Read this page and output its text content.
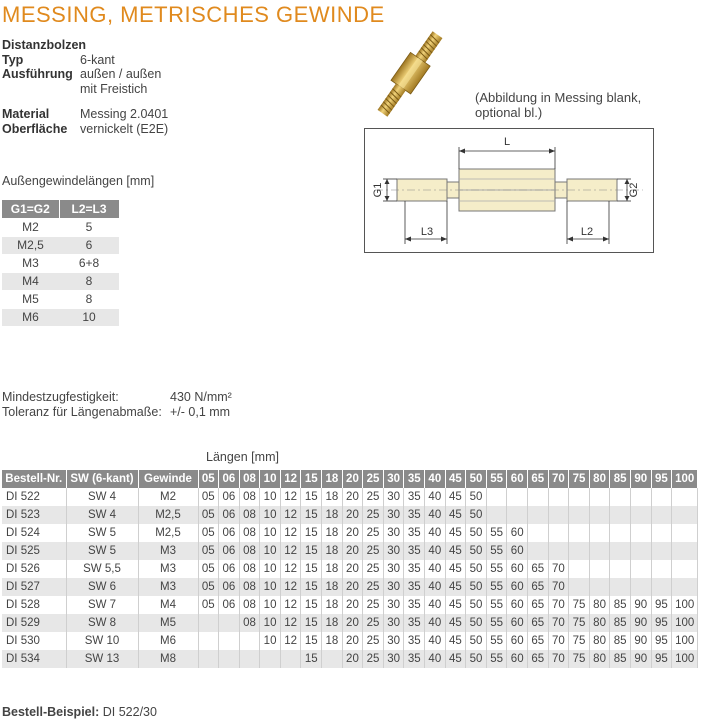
MESSING, METRISCHES GEWINDE
Distanzbolzen
Typ	6-kant
Ausführung außen / außen
mit Freistich
Material	Messing 2.0401
Oberfläche	vernickelt (E2E)
(Abbildung in Messing blank,
optional bl.)
L
L3	L2
G1	G2
Außengewindelängen [mm]
G1=G2	L2=L3
M2	5
M2,5	6
M3	6+8
M4	8
M5	8
M6	10
Mindestzugfestigkeit:	430 N/mm²
Toleranz für Längenabmaße: +/- 0,1 mm
Längen [mm]
Bestell-Nr.	SW (6-kant)	Gewinde	05	06	08	10	12	15	18	20	25	30	35	40	45	50	55	60	65	70	75	80	85	90	95	100
DI 522	SW 4	M2	05	06	08	10	12	15	18	20	25	30	35	40	45	50										
DI 523	SW 4	M2,5	05	06	08	10	12	15	18	20	25	30	35	40	45	50										
DI 524	SW 5	M2,5	05	06	08	10	12	15	18	20	25	30	35	40	45	50	55	60								
DI 525	SW 5	M3	05	06	08	10	12	15	18	20	25	30	35	40	45	50	55	60								
DI 526	SW 5,5	M3	05	06	08	10	12	15	18	20	25	30	35	40	45	50	55	60	65	70						
DI 527	SW 6	M3	05	06	08	10	12	15	18	20	25	30	35	40	45	50	55	60	65	70						
DI 528	SW 7	M4	05	06	08	10	12	15	18	20	25	30	35	40	45	50	55	60	65	70	75	80	85	90	95	100
DI 529	SW 8	M5			08	10	12	15	18	20	25	30	35	40	45	50	55	60	65	70	75	80	85	90	95	100
DI 530	SW 10	M6				10	12	15	18	20	25	30	35	40	45	50	55	60	65	70	75	80	85	90	95	100
DI 534	SW 13	M8						15		20	25	30	35	40	45	50	55	60	65	70	75	80	85	90	95	100
Bestell-Beispiel: DI 522/30
